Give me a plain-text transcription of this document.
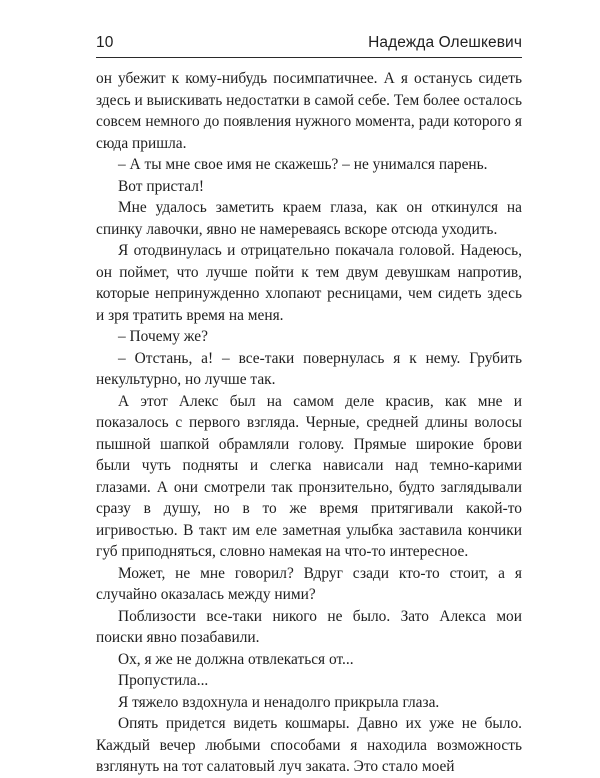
10	Надежда Олешкевич

он убежит к кому-нибудь посимпатичнее. А я останусь сидеть здесь и выискивать недостатки в самой себе. Тем более осталось совсем немного до появления нужного момента, ради которого я сюда пришла.

– А ты мне свое имя не скажешь? – не унимался парень.

Вот пристал!

Мне удалось заметить краем глаза, как он откинулся на спинку лавочки, явно не намереваясь вскоре отсюда уходить.

Я отодвинулась и отрицательно покачала головой. Надеюсь, он поймет, что лучше пойти к тем двум девушкам напротив, которые непринужденно хлопают ресницами, чем сидеть здесь и зря тратить время на меня.

– Почему же?

– Отстань, а! – все-таки повернулась я к нему. Грубить некультурно, но лучше так.

А этот Алекс был на самом деле красив, как мне и показалось с первого взгляда. Черные, средней длины волосы пышной шапкой обрамляли голову. Прямые широкие брови были чуть подняты и слегка нависали над темно-карими глазами. А они смотрели так пронзительно, будто заглядывали сразу в душу, но в то же время притягивали какой-то игривостью. В такт им еле заметная улыбка заставила кончики губ приподняться, словно намекая на что-то интересное.

Может, не мне говорил? Вдруг сзади кто-то стоит, а я случайно оказалась между ними?

Поблизости все-таки никого не было. Зато Алекса мои поиски явно позабавили.

Ох, я же не должна отвлекаться от...

Пропустила...

Я тяжело вздохнула и ненадолго прикрыла глаза.

Опять придется видеть кошмары. Давно их уже не было. Каждый вечер любыми способами я находила возможность взглянуть на тот салатовый луч заката. Это стало моей
